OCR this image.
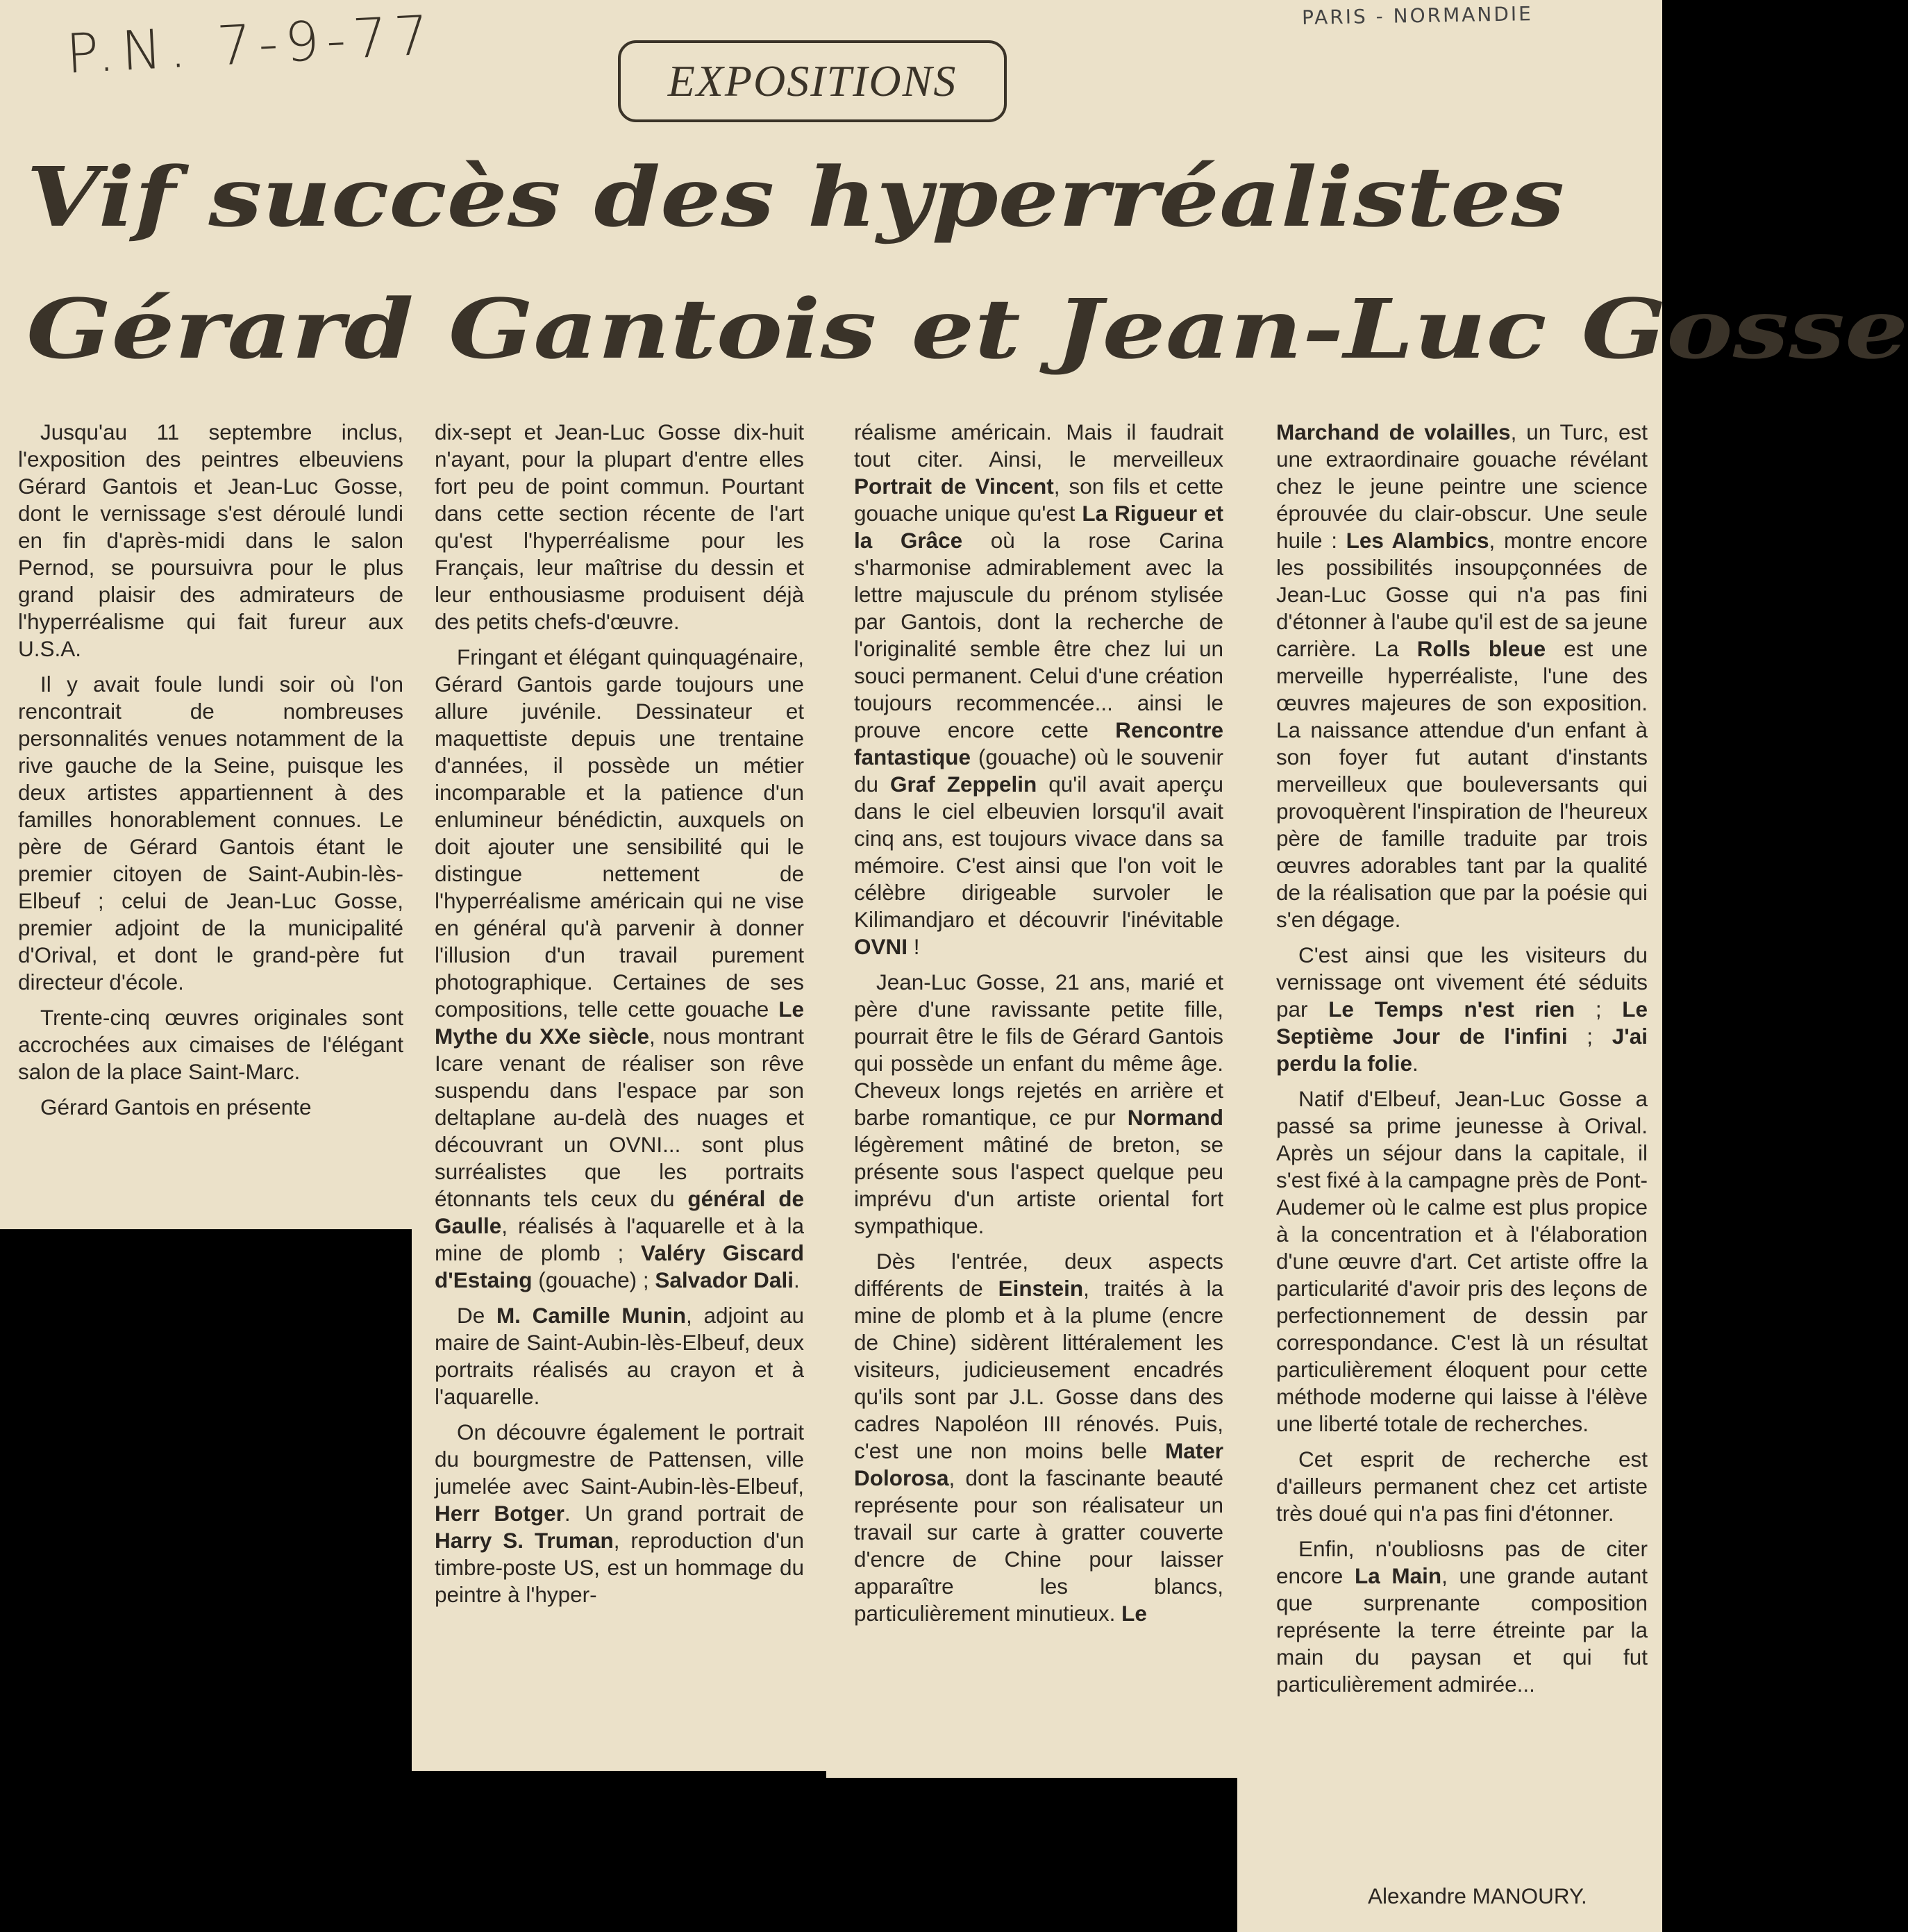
P.N. 7-9-77	PARIS - NORMANDIE
EXPOSITIONS
Vif succès des hyperréalistes
Gérard Gantois et Jean-Luc Gosse

Jusqu'au 11 septembre inclus, l'exposition des peintres elbeuviens Gérard Gantois et Jean-Luc Gosse, dont le vernissage s'est déroulé lundi en fin d'après-midi dans le salon Pernod, se poursuivra pour le plus grand plaisir des admirateurs de l'hyperréalisme qui fait fureur aux U.S.A.

Il y avait foule lundi soir où l'on rencontrait de nombreuses personnalités venues notamment de la rive gauche de la Seine, puisque les deux artistes appartiennent à des familles honorablement connues. Le père de Gérard Gantois étant le premier citoyen de Saint-Aubin-lès-Elbeuf ; celui de Jean-Luc Gosse, premier adjoint de la municipalité d'Orival, et dont le grand-père fut directeur d'école.

Trente-cinq œuvres originales sont accrochées aux cimaises de l'élégant salon de la place Saint-Marc.

Gérard Gantois en présente

dix-sept et Jean-Luc Gosse dix-huit n'ayant, pour la plupart d'entre elles fort peu de point commun. Pourtant dans cette section récente de l'art qu'est l'hyperréalisme pour les Français, leur maîtrise du dessin et leur enthousiasme produisent déjà des petits chefs-d'œuvre.

Fringant et élégant quinquagénaire, Gérard Gantois garde toujours une allure juvénile. Dessinateur et maquettiste depuis une trentaine d'années, il possède un métier incomparable et la patience d'un enlumineur bénédictin, auxquels on doit ajouter une sensibilité qui le distingue nettement de l'hyperréalisme américain qui ne vise en général qu'à parvenir à donner l'illusion d'un travail purement photographique. Certaines de ses compositions, telle cette gouache Le Mythe du XXe siècle, nous montrant Icare venant de réaliser son rêve suspendu dans l'espace par son deltaplane au-delà des nuages et découvrant un OVNI... sont plus surréalistes que les portraits étonnants tels ceux du général de Gaulle, réalisés à l'aquarelle et à la mine de plomb ; Valéry Giscard d'Estaing (gouache) ; Salvador Dali.

De M. Camille Munin, adjoint au maire de Saint-Aubin-lès-Elbeuf, deux portraits réalisés au crayon et à l'aquarelle.

On découvre également le portrait du bourgmestre de Pattensen, ville jumelée avec Saint-Aubin-lès-Elbeuf, Herr Botger. Un grand portrait de Harry S. Truman, reproduction d'un timbre-poste US, est un hommage du peintre à l'hyper-

réalisme américain. Mais il faudrait tout citer. Ainsi, le merveilleux Portrait de Vincent, son fils et cette gouache unique qu'est La Rigueur et la Grâce où la rose Carina s'harmonise admirablement avec la lettre majuscule du prénom stylisée par Gantois, dont la recherche de l'originalité semble être chez lui un souci permanent. Celui d'une création toujours recommencée... ainsi le prouve encore cette Rencontre fantastique (gouache) où le souvenir du Graf Zeppelin qu'il avait aperçu dans le ciel elbeuvien lorsqu'il avait cinq ans, est toujours vivace dans sa mémoire. C'est ainsi que l'on voit le célèbre dirigeable survoler le Kilimandjaro et découvrir l'inévitable OVNI !

Jean-Luc Gosse, 21 ans, marié et père d'une ravissante petite fille, pourrait être le fils de Gérard Gantois qui possède un enfant du même âge. Cheveux longs rejetés en arrière et barbe romantique, ce pur Normand légèrement mâtiné de breton, se présente sous l'aspect quelque peu imprévu d'un artiste oriental fort sympathique.

Dès l'entrée, deux aspects différents de Einstein, traités à la mine de plomb et à la plume (encre de Chine) sidèrent littéralement les visiteurs, judicieusement encadrés qu'ils sont par J.L. Gosse dans des cadres Napoléon III rénovés. Puis, c'est une non moins belle Mater Dolorosa, dont la fascinante beauté représente pour son réalisateur un travail sur carte à gratter couverte d'encre de Chine pour laisser apparaître les blancs, particulièrement minutieux. Le

Marchand de volailles, un Turc, est une extraordinaire gouache révélant chez le jeune peintre une science éprouvée du clair-obscur. Une seule huile : Les Alambics, montre encore les possibilités insoupçonnées de Jean-Luc Gosse qui n'a pas fini d'étonner à l'aube qu'il est de sa jeune carrière. La Rolls bleue est une merveille hyperréaliste, l'une des œuvres majeures de son exposition. La naissance attendue d'un enfant à son foyer fut autant d'instants merveilleux que bouleversants qui provoquèrent l'inspiration de l'heureux père de famille traduite par trois œuvres adorables tant par la qualité de la réalisation que par la poésie qui s'en dégage.

C'est ainsi que les visiteurs du vernissage ont vivement été séduits par Le Temps n'est rien ; Le Septième Jour de l'infini ; J'ai perdu la folie.

Natif d'Elbeuf, Jean-Luc Gosse a passé sa prime jeunesse à Orival. Après un séjour dans la capitale, il s'est fixé à la campagne près de Pont-Audemer où le calme est plus propice à la concentration et à l'élaboration d'une œuvre d'art. Cet artiste offre la particularité d'avoir pris des leçons de perfectionnement de dessin par correspondance. C'est là un résultat particulièrement éloquent pour cette méthode moderne qui laisse à l'élève une liberté totale de recherches.

Cet esprit de recherche est d'ailleurs permanent chez cet artiste très doué qui n'a pas fini d'étonner.

Enfin, n'oubliosns pas de citer encore La Main, une grande autant que surprenante composition représente la terre étreinte par la main du paysan et qui fut particulièrement admirée...

Alexandre MANOURY.
